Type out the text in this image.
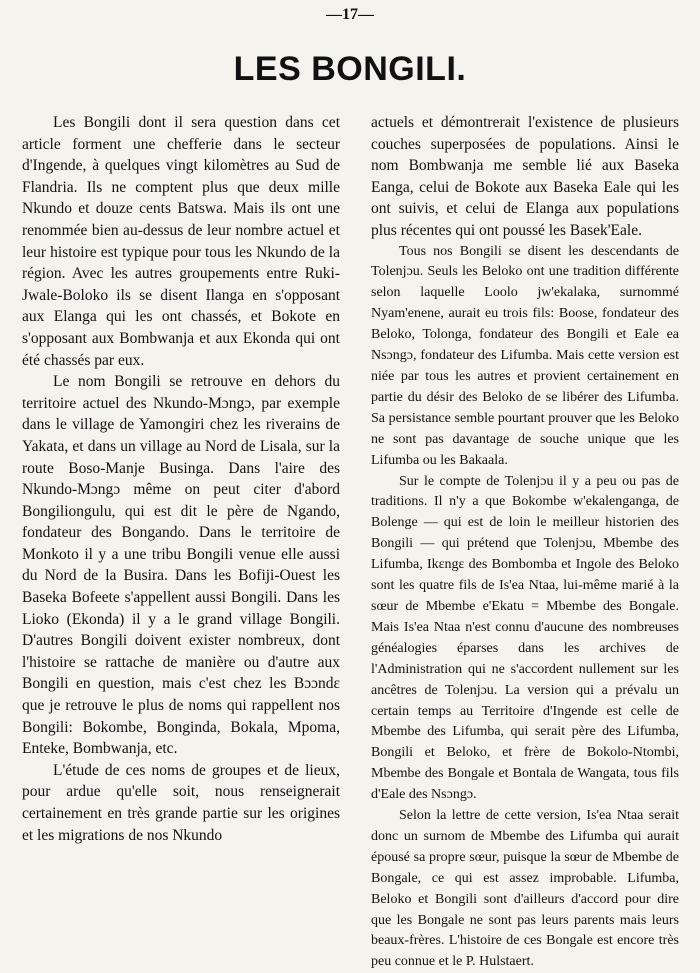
—17—
LES BONGILI.

Les Bongili dont il sera question dans cet article forment une chefferie dans le secteur d'Ingende, à quelques vingt kilomètres au Sud de Flandria. Ils ne comptent plus que deux mille Nkundo et douze cents Batswa. Mais ils ont une renommée bien au-dessus de leur nombre actuel et leur histoire est typique pour tous les Nkundo de la région. Avec les autres groupements entre Ruki-Jwale-Boloko ils se disent Ilanga en s'opposant aux Elanga qui les ont chassés, et Bokote en s'opposant aux Bombwanja et aux Ekonda qui ont été chassés par eux.

Le nom Bongili se retrouve en dehors du territoire actuel des Nkundo-Mɔngɔ, par exemple dans le village de Yamongiri chez les riverains de Yakata, et dans un village au Nord de Lisala, sur la route Boso-Manje Businga. Dans l'aire des Nkundo-Mɔngɔ même on peut citer d'abord Bongiliongulu, qui est dit le père de Ngando, fondateur des Bongando. Dans le territoire de Monkoto il y a une tribu Bongili venue elle aussi du Nord de la Busira. Dans les Bofiji-Ouest les Baseka Bofeete s'appellent aussi Bongili. Dans les Lioko (Ekonda) il y a le grand village Bongili. D'autres Bongili doivent exister nombreux, dont l'histoire se rattache de manière ou d'autre aux Bongili en question, mais c'est chez les Bɔɔndɛ que je retrouve le plus de noms qui rappellent nos Bongili: Bokombe, Bonginda, Bokala, Mpoma, Enteke, Bombwanja, etc.

L'étude de ces noms de groupes et de lieux, pour ardue qu'elle soit, nous renseignerait certainement en très grande partie sur les origines et les migrations de nos Nkundo

actuels et démontrerait l'existence de plusieurs couches superposées de populations. Ainsi le nom Bombwanja me semble lié aux Baseka Eanga, celui de Bokote aux Baseka Eale qui les ont suivis, et celui de Elanga aux populations plus récentes qui ont poussé les Basek'Eale.

Tous nos Bongili se disent les descendants de Tolenjɔu. Seuls les Beloko ont une tradition différente selon laquelle Loolo jw'ekalaka, surnommé Nyam'enene, aurait eu trois fils: Boose, fondateur des Beloko, Tolonga, fondateur des Bongili et Eale ea Nsɔngɔ, fondateur des Lifumba. Mais cette version est niée par tous les autres et provient certainement en partie du désir des Beloko de se libérer des Lifumba. Sa persistance semble pourtant prouver que les Beloko ne sont pas davantage de souche unique que les Lifumba ou les Bakaala.

Sur le compte de Tolenjɔu il y a peu ou pas de traditions. Il n'y a que Bokombe w'ekalenganga, de Bolenge — qui est de loin le meilleur historien des Bongili — qui prétend que Tolenjɔu, Mbembe des Lifumba, Ikɛngɛ des Bombomba et Ingole des Beloko sont les quatre fils de Is'ea Ntaa, lui-même marié à la sœur de Mbembe e'Ekatu = Mbembe des Bongale. Mais Is'ea Ntaa n'est connu d'aucune des nombreuses généalogies éparses dans les archives de l'Administration qui ne s'accordent nullement sur les ancêtres de Tolenjɔu. La version qui a prévalu un certain temps au Territoire d'Ingende est celle de Mbembe des Lifumba, qui serait père des Lifumba, Bongili et Beloko, et frère de Bokolo-Ntombi, Mbembe des Bongale et Bontala de Wangata, tous fils d'Eale des Nsɔngɔ.

Selon la lettre de cette version, Is'ea Ntaa serait donc un surnom de Mbembe des Lifumba qui aurait épousé sa propre sœur, puisque la sœur de Mbembe de Bongale, ce qui est assez improbable. Lifumba, Beloko et Bongili sont d'ailleurs d'accord pour dire que les Bongale ne sont pas leurs parents mais leurs beaux-frères. L'histoire de ces Bongale est encore très peu connue et le P. Hulstaert.
